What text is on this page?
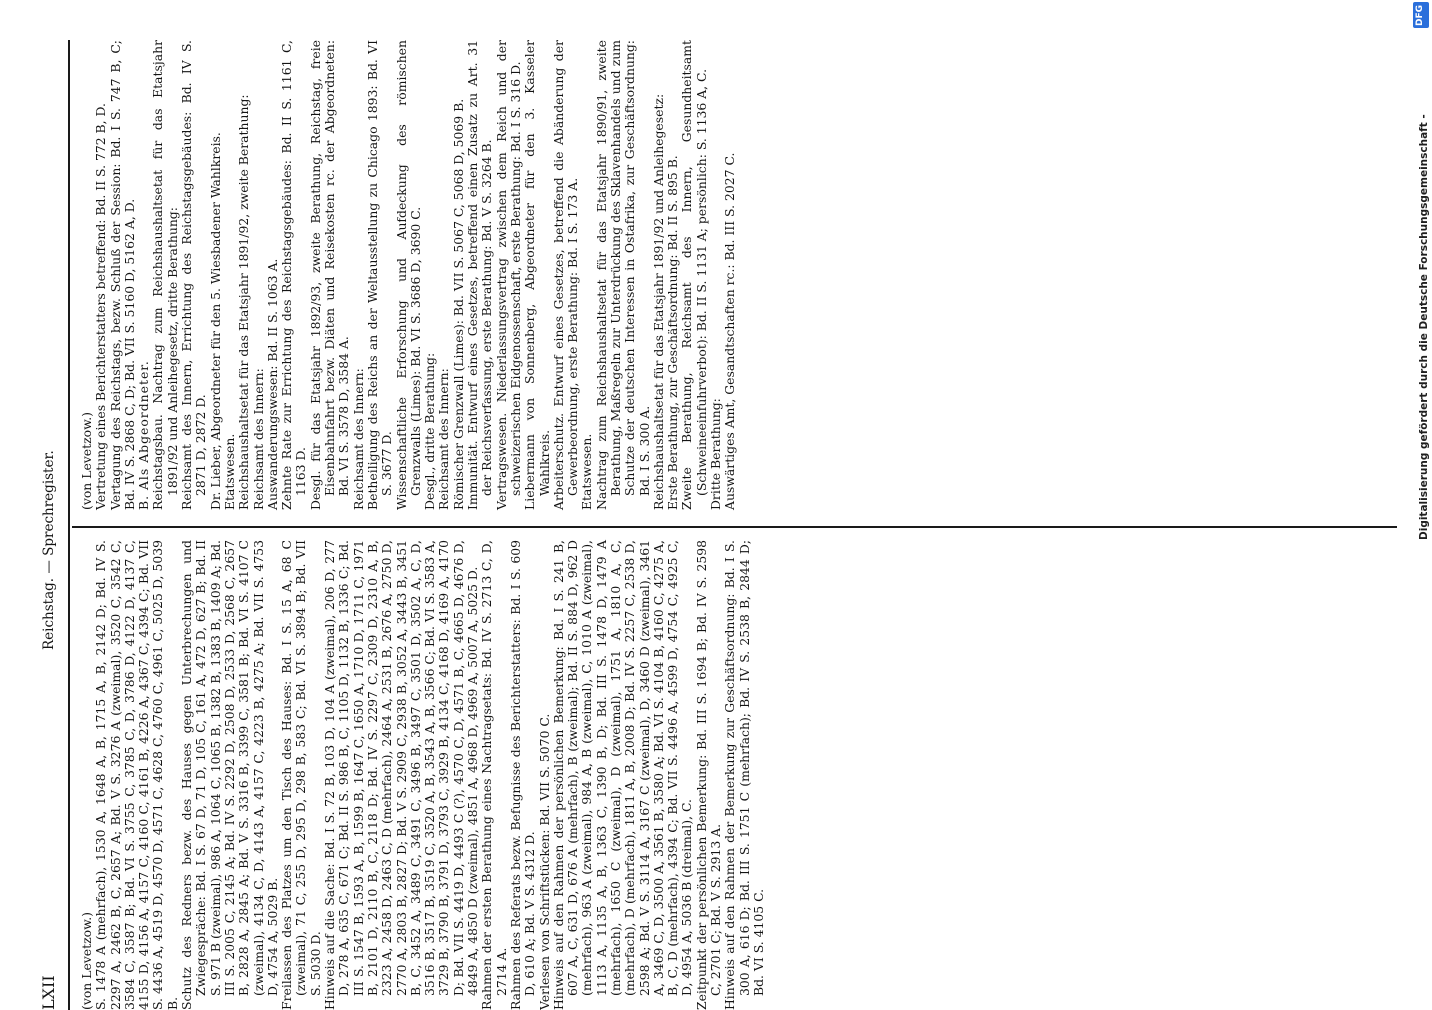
LXII
Reichstag. — Sprechregister.

(von Levetzow.) S. 1478 A (mehrfach), 1530 A, 1648 A, B, 1715 A, B, 2142 D; Bd. IV S. 2297 A, 2462 B, C, 2657 A; Bd. V S. 3276 A (zweimal), 3520 C, 3542 C, 3584 C, 3587 B; Bd. VI S. 3755 C, 3785 C, D, 3786 D, 4122 D, 4137 C, 4155 D, 4156 A, 4157 C, 4160 C, 4161 B, 4226 A, 4367 C, 4394 C; Bd. VII S. 4436 A, 4519 D, 4570 D, 4571 C, 4628 C, 4760 C, 4961 C, 5025 D, 5039 B. Schutz des Redners bezw. des Hauses gegen Unterbrechungen und Zwiegespräche: Bd. I S. 67 D, 71 D, 105 C, 161 A, 472 D, 627 B; Bd. II S. 971 B (zweimal), 986 A, 1064 C, 1065 B, 1382 B, 1383 B, 1409 A; Bd. III S. 2005 C, 2145 A; Bd. IV S. 2292 D, 2508 D, 2533 D, 2568 C, 2657 B, 2828 A, 2845 A; Bd. V S. 3316 B, 3399 C, 3581 B; Bd. VI S. 4107 C (zweimal), 4134 C, D, 4143 A, 4157 C, 4223 B, 4275 A; Bd. VII S. 4753 D, 4754 A, 5029 B. Freilassen des Platzes um den Tisch des Hauses: Bd. I S. 15 A, 68 C (zweimal), 71 C, 255 D, 295 D, 298 B, 583 C; Bd. VI S. 3894 B; Bd. VII S. 5030 D. Hinweis auf die Sache: Bd. I S. 72 B, 103 D, 104 A (zweimal), 206 D, 277 D, 278 A, 635 C, 671 C; Bd. II S. 986 B, C, 1105 D, 1132 B, 1336 C; Bd. III S. 1547 B, 1593 A, B, 1599 B, 1647 C, 1650 A, 1710 D, 1711 C, 1971 B, 2101 D, 2110 B, C, 2118 D; Bd. IV S. 2297 C, 2309 D, 2310 A, B, 2323 A, 2458 D, 2463 C, D (mehrfach), 2464 A, 2531 B, 2676 A, 2750 D, 2770 A, 2803 B, 2827 D; Bd. V S. 2909 C, 2938 B, 3052 A, 3443 B, 3451 B, C, 3452 A, 3489 C, 3491 C, 3496 B, 3497 C, 3501 D, 3502 A, C, D, 3516 B, 3517 B, 3519 C, 3520 A, B, 3543 A, B, 3566 C; Bd. VI S. 3583 A, 3729 B, 3790 B, 3791 D, 3793 C, 3929 B, 4134 C, 4168 D, 4169 A, 4170 D; Bd. VII S. 4419 D, 4493 C (?), 4570 C, D, 4571 B, C, 4665 D, 4676 D, 4849 A, 4850 D (zweimal), 4851 A, 4968 D, 4969 A, 5007 A, 5025 D. Rahmen der ersten Berathung eines Nachtragsetats: Bd. IV S. 2713 C, D, 2714 A. Rahmen des Referats bezw. Befugnisse des Berichterstatters: Bd. I S. 609 D, 610 A; Bd. V S. 4312 D. Verlesen von Schriftstücken: Bd. VII S. 5070 C. Hinweis auf den Rahmen der persönlichen Bemerkung: Bd. I S. 241 B, 607 A, C, 631 D, 676 A (mehrfach), B (zweimal); Bd. II S. 884 D, 962 D (mehrfach), 963 A (zweimal), 984 A, B (zweimal), C, 1010 A (zweimal), 1113 A, 1135 A, B, 1363 C, 1390 B, D; Bd. III S. 1478 D, 1479 A (mehrfach), 1650 C (zweimal), D (zweimal), 1751 A, 1810 A, C, (mehrfach), D (mehrfach), 1811 A, B, 2008 D; Bd. IV S. 2257 C, 2538 D, 2598 A; Bd. V S. 3114 A, 3167 C (zweimal), D, 3460 D (zweimal), 3461 A, 3469 C, D, 3500 A, 3561 B, 3580 A; Bd. VI S. 4104 B, 4160 C, 4275 A, B, C, D (mehrfach), 4394 C; Bd. VII S. 4496 A, 4599 D, 4754 C, 4925 C, D, 4954 A, 5036 B (dreimal), C. Zeitpunkt der persönlichen Bemerkung: Bd. III S. 1694 B; Bd. IV S. 2598 C, 2701 C; Bd. V S. 2913 A. Hinweis auf den Rahmen der Bemerkung zur Geschäftsordnung: Bd. I S. 300 A, 616 D; Bd. III S. 1751 C (mehrfach); Bd. IV S. 2538 B, 2844 D; Bd. VI S. 4105 C.

(von Levetzow.) Vertretung eines Berichterstatters betreffend: Bd. II S. 772 B, D. Vertagung des Reichstags, bezw. Schluß der Session: Bd. I S. 747 B, C; Bd. IV S. 2868 C, D; Bd. VII S. 5160 D, 5162 A, D. B. Als Abgeordneter. Reichstagsbau. Nachtrag zum Reichshaushaltsetat für das Etatsjahr 1891/92 und Anleihegesetz, dritte Berathung: Reichsamt des Innern, Errichtung des Reichstagsgebäudes: Bd. IV S. 2871 D, 2872 D. Dr. Lieber, Abgeordneter für den 5. Wiesbadener Wahlkreis. Etatswesen. Reichshaushaltsetat für das Etatsjahr 1891/92, zweite Berathung: Reichsamt des Innern: Auswanderungswesen: Bd. II S. 1063 A. Zehnte Rate zur Errichtung des Reichstagsgebäudes: Bd. II S. 1161 C, 1163 D. Desgl. für das Etatsjahr 1892/93, zweite Berathung, Reichstag, freie Eisenbahnfahrt bezw. Diäten und Reisekosten rc. der Abgeordneten: Bd. VI S. 3578 D, 3584 A. Reichsamt des Innern: Betheiligung des Reichs an der Weltausstellung zu Chicago 1893: Bd. VI S. 3677 D. Wissenschaftliche Erforschung und Aufdeckung des römischen Grenzwalls (Limes): Bd. VI S. 3686 D, 3690 C. Desgl., dritte Berathung: Reichsamt des Innern: Römischer Grenzwall (Limes): Bd. VII S. 5067 C, 5068 D, 5069 B. Immunität. Entwurf eines Gesetzes, betreffend einen Zusatz zu Art. 31 der Reichsverfassung, erste Berathung: Bd. V S. 3264 B. Vertragswesen. Niederlassungsvertrag zwischen dem Reich und der schweizerischen Eidgenossenschaft, erste Berathung: Bd. I S. 316 D. Liebermann von Sonnenberg, Abgeordneter für den 3. Kasseler Wahlkreis. Arbeiterschutz. Entwurf eines Gesetzes, betreffend die Abänderung der Gewerbeordnung, erste Berathung: Bd. I S. 173 A. Etatswesen. Nachtrag zum Reichshaushaltsetat für das Etatsjahr 1890/91, zweite Berathung, Maßregeln zur Unterdrückung des Sklavenhandels und zum Schutze der deutschen Interessen in Ostafrika, zur Geschäftsordnung: Bd. I S. 300 A. Reichshaushaltsetat für das Etatsjahr 1891/92 und Anleihegesetz: Erste Berathung, zur Geschäftsordnung: Bd. II S. 895 B. Zweite Berathung, Reichsamt des Innern, Gesundheitsamt (Schweineeinfuhrverbot): Bd. II S. 1131 A; persönlich: S. 1136 A, C. Dritte Berathung: Auswärtiges Amt, Gesandtschaften rc.: Bd. III S. 2027 C.

DFG
Digitalisierung gefördert durch die Deutsche Forschungsgemeinschaft -
